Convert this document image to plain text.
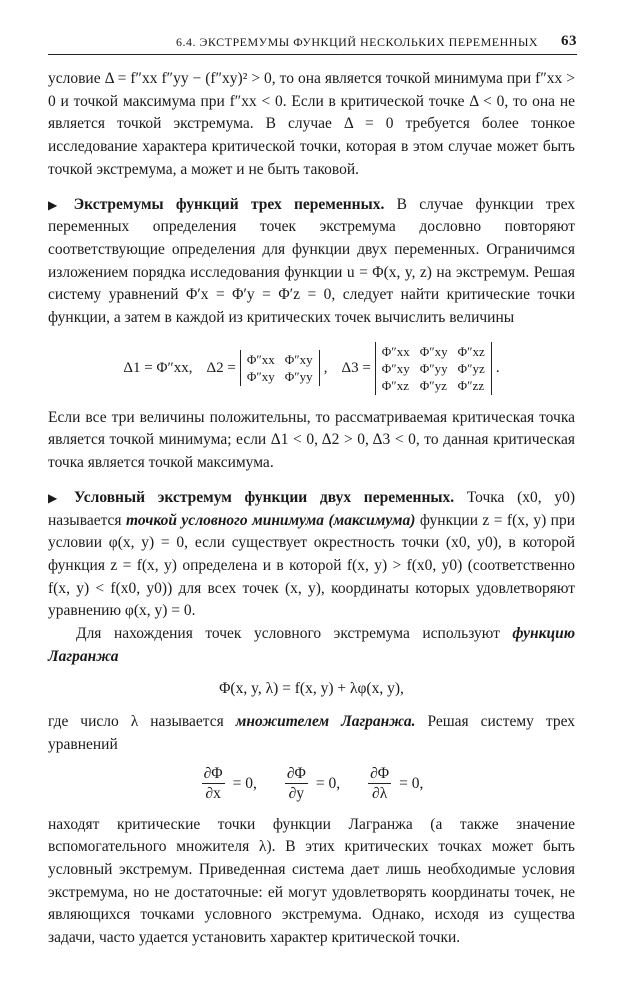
6.4. ЭКСТРЕМУМЫ ФУНКЦИЙ НЕСКОЛЬКИХ ПЕРЕМЕННЫХ 63

условие Δ = f″xx f″yy − (f″xy)² > 0, то она является точкой минимума при f″xx > 0 и точкой максимума при f″xx < 0. Если в критической точке Δ < 0, то она не является точкой экстремума. В случае Δ = 0 требуется более тонкое исследование характера критической точки, которая в этом случае может быть точкой экстремума, а может и не быть таковой.

▶ Экстремумы функций трех переменных. В случае функции трех переменных определения точек экстремума дословно повторяют соответствующие определения для функции двух переменных. Ограничимся изложением порядка исследования функции u = Φ(x, y, z) на экстремум. Решая систему уравнений Φ′x = Φ′y = Φ′z = 0, следует найти критические точки функции, а затем в каждой из критических точек вычислить величины

Δ1 = Φ″xx, Δ2 =
Φ″xx Φ″xy
Φ″xy Φ″yy
, Δ3 =
Φ″xx Φ″xy Φ″xz
Φ″xy Φ″yy Φ″yz
Φ″xz Φ″yz Φ″zz
.

Если все три величины положительны, то рассматриваемая критическая точка является точкой минимума; если Δ1 < 0, Δ2 > 0, Δ3 < 0, то данная критическая точка является точкой максимума.

▶ Условный экстремум функции двух переменных. Точка (x0, y0) называется точкой условного минимума (максимума) функции z = f(x, y) при условии φ(x, y) = 0, если существует окрестность точки (x0, y0), в которой функция z = f(x, y) определена и в которой f(x, y) > f(x0, y0) (соответственно f(x, y) < f(x0, y0)) для всех точек (x, y), координаты которых удовлетворяют уравнению φ(x, y) = 0.

Для нахождения точек условного экстремума используют функцию Лагранжа

Φ(x, y, λ) = f(x, y) + λφ(x, y),

где число λ называется множителем Лагранжа. Решая систему трех уравнений

$\frac{\partial\Phi}{\partial x} = 0$, $\frac{\partial\Phi}{\partial y} = 0$, $\frac{\partial\Phi}{\partial\lambda} = 0$,

находят критические точки функции Лагранжа (а также значение вспомогательного множителя λ). В этих критических точках может быть условный экстремум. Приведенная система дает лишь необходимые условия экстремума, но не достаточные: ей могут удовлетворять координаты точек, не являющихся точками условного экстремума. Однако, исходя из существа задачи, часто удается установить характер критической точки.
